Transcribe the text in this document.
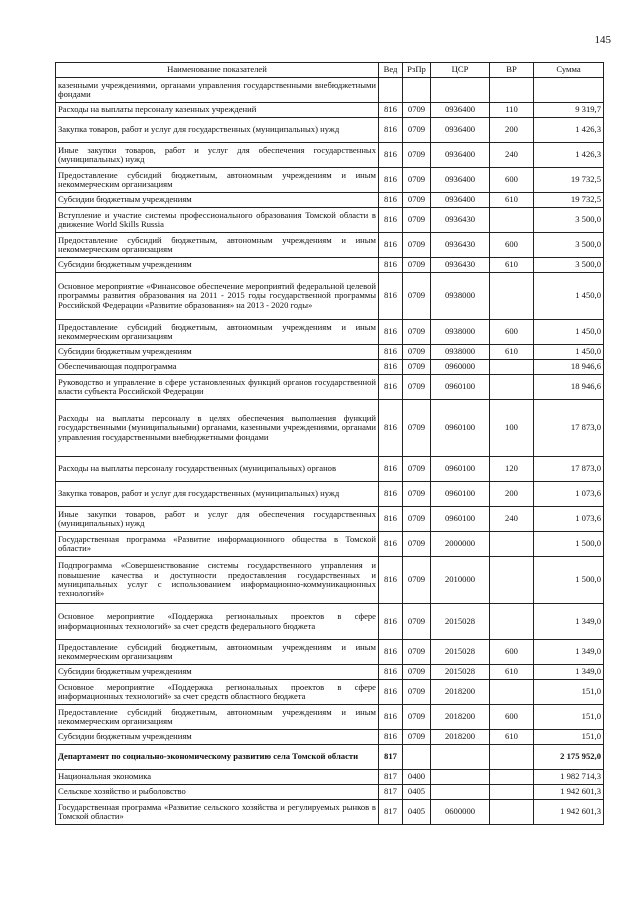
145
Наименование показателей	Вед	РзПр	ЦСР	ВР	Сумма
казенными учреждениями, органами управления государственными внебюджетными фондами					
Расходы на выплаты персоналу казенных учреждений	816	0709	0936400	110	9 319,7
Закупка товаров, работ и услуг для государственных (муниципальных) нужд	816	0709	0936400	200	1 426,3
Иные закупки товаров, работ и услуг для обеспечения государственных (муниципальных) нужд	816	0709	0936400	240	1 426,3
Предоставление субсидий бюджетным, автономным учреждениям и иным некоммерческим организациям	816	0709	0936400	600	19 732,5
Субсидии бюджетным учреждениям	816	0709	0936400	610	19 732,5
Вступление и участие системы профессионального образования Томской области в движение World Skills Russia	816	0709	0936430		3 500,0
Предоставление субсидий бюджетным, автономным учреждениям и иным некоммерческим организациям	816	0709	0936430	600	3 500,0
Субсидии бюджетным учреждениям	816	0709	0936430	610	3 500,0
Основное мероприятие «Финансовое обеспечение мероприятий федеральной целевой программы развития образования на 2011 - 2015 годы государственной программы Российской Федерации «Развитие образования» на 2013 - 2020 годы»	816	0709	0938000		1 450,0
Предоставление субсидий бюджетным, автономным учреждениям и иным некоммерческим организациям	816	0709	0938000	600	1 450,0
Субсидии бюджетным учреждениям	816	0709	0938000	610	1 450,0
Обеспечивающая подпрограмма	816	0709	0960000		18 946,6
Руководство и управление в сфере установленных функций органов государственной власти субъекта Российской Федерации	816	0709	0960100		18 946,6
Расходы на выплаты персоналу в целях обеспечения выполнения функций государственными (муниципальными) органами, казенными учреждениями, органами управления государственными внебюджетными фондами	816	0709	0960100	100	17 873,0
Расходы на выплаты персоналу государственных (муниципальных) органов	816	0709	0960100	120	17 873,0
Закупка товаров, работ и услуг для государственных (муниципальных) нужд	816	0709	0960100	200	1 073,6
Иные закупки товаров, работ и услуг для обеспечения государственных (муниципальных) нужд	816	0709	0960100	240	1 073,6
Государственная программа «Развитие информационного общества в Томской области»	816	0709	2000000		1 500,0
Подпрограмма «Совершенствование системы государственного управления и повышение качества и доступности предоставления государственных и муниципальных услуг с использованием информационно-коммуникационных технологий»	816	0709	2010000		1 500,0
Основное мероприятие «Поддержка региональных проектов в сфере информационных технологий» за счет средств федерального бюджета	816	0709	2015028		1 349,0
Предоставление субсидий бюджетным, автономным учреждениям и иным некоммерческим организациям	816	0709	2015028	600	1 349,0
Субсидии бюджетным учреждениям	816	0709	2015028	610	1 349,0
Основное мероприятие «Поддержка региональных проектов в сфере информационных технологий» за счет средств областного бюджета	816	0709	2018200		151,0
Предоставление субсидий бюджетным, автономным учреждениям и иным некоммерческим организациям	816	0709	2018200	600	151,0
Субсидии бюджетным учреждениям	816	0709	2018200	610	151,0
Департамент по социально-экономическому развитию села Томской области	817				2 175 952,0
Национальная экономика	817	0400			1 982 714,3
Сельское хозяйство и рыболовство	817	0405			1 942 601,3
Государственная программа «Развитие сельского хозяйства и регулируемых рынков в Томской области»	817	0405	0600000		1 942 601,3
